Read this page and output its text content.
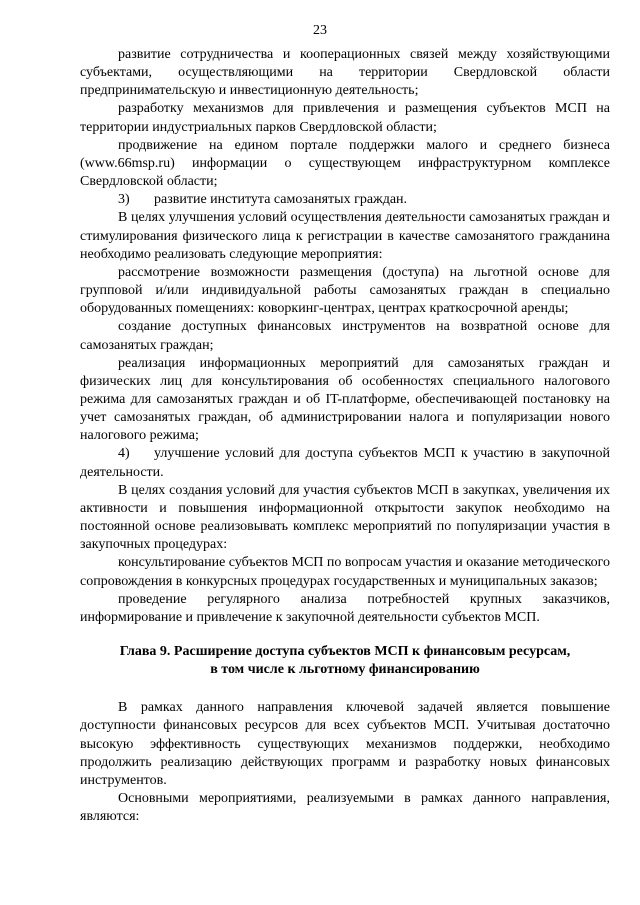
23

развитие сотрудничества и кооперационных связей между хозяйствующими субъектами, осуществляющими на территории Свердловской области предпринимательскую и инвестиционную деятельность;

разработку механизмов для привлечения и размещения субъектов МСП на территории индустриальных парков Свердловской области;

продвижение на едином портале поддержки малого и среднего бизнеса (www.66msp.ru) информации о существующем инфраструктурном комплексе Свердловской области;

3) развитие института самозанятых граждан.

В целях улучшения условий осуществления деятельности самозанятых граждан и стимулирования физического лица к регистрации в качестве самозанятого гражданина необходимо реализовать следующие мероприятия:

рассмотрение возможности размещения (доступа) на льготной основе для групповой и/или индивидуальной работы самозанятых граждан в специально оборудованных помещениях: коворкинг-центрах, центрах краткосрочной аренды;

создание доступных финансовых инструментов на возвратной основе для самозанятых граждан;

реализация информационных мероприятий для самозанятых граждан и физических лиц для консультирования об особенностях специального налогового режима для самозанятых граждан и об IT-платформе, обеспечивающей постановку на учет самозанятых граждан, об администрировании налога и популяризации нового налогового режима;

4) улучшение условий для доступа субъектов МСП к участию в закупочной деятельности.

В целях создания условий для участия субъектов МСП в закупках, увеличения их активности и повышения информационной открытости закупок необходимо на постоянной основе реализовывать комплекс мероприятий по популяризации участия в закупочных процедурах:

консультирование субъектов МСП по вопросам участия и оказание методического сопровождения в конкурсных процедурах государственных и муниципальных заказов;

проведение регулярного анализа потребностей крупных заказчиков, информирование и привлечение к закупочной деятельности субъектов МСП.

Глава 9. Расширение доступа субъектов МСП к финансовым ресурсам,
в том числе к льготному финансированию

В рамках данного направления ключевой задачей является повышение доступности финансовых ресурсов для всех субъектов МСП. Учитывая достаточно высокую эффективность существующих механизмов поддержки, необходимо продолжить реализацию действующих программ и разработку новых финансовых инструментов.

Основными мероприятиями, реализуемыми в рамках данного направления, являются:
